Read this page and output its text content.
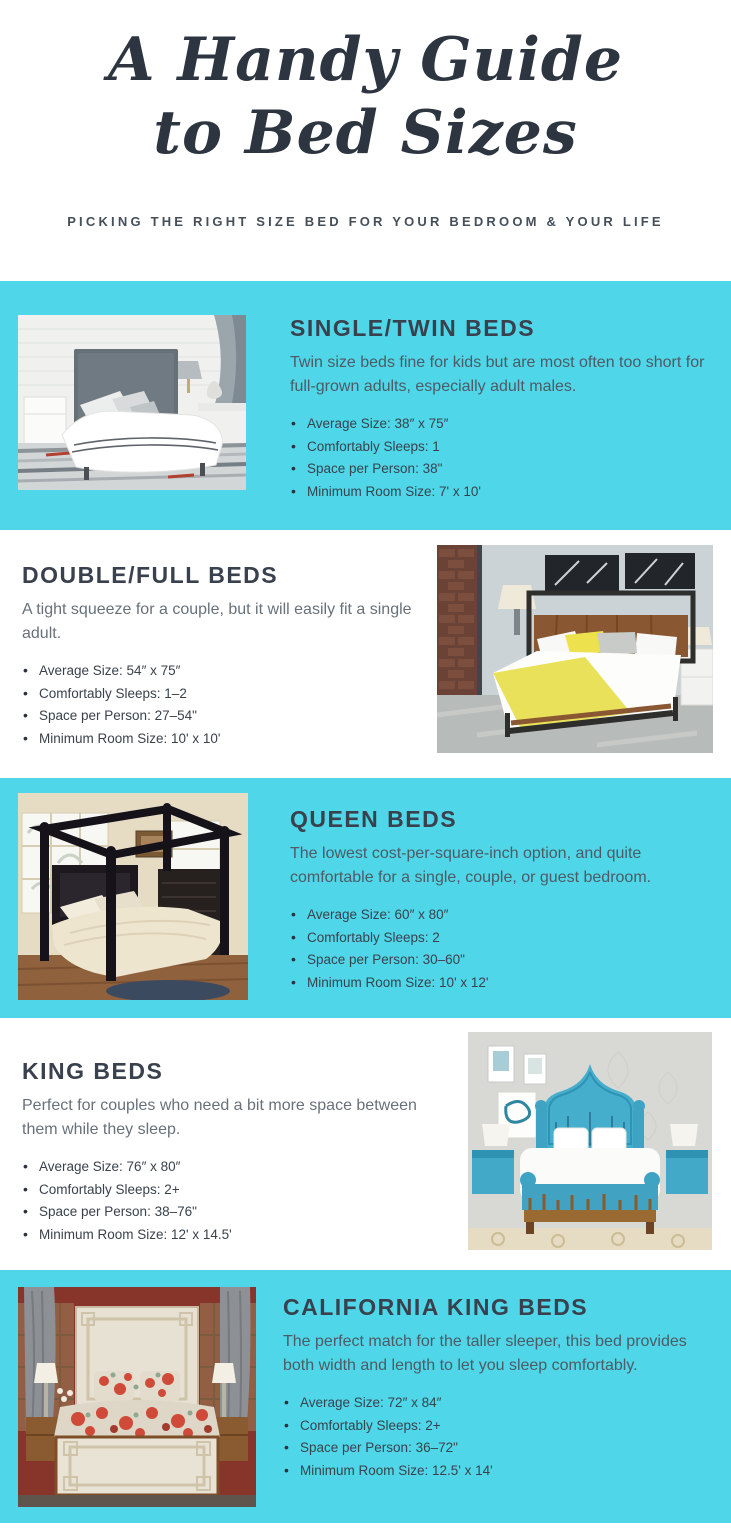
A Handy Guide
to Bed Sizes
PICKING THE RIGHT SIZE BED FOR YOUR BEDROOM & YOUR LIFE
SINGLE/TWIN BEDS

Twin size beds fine for kids but are most often too short for full-grown adults, especially adult males.

• Average Size: 38″ x 75″
• Comfortably Sleeps: 1
• Space per Person: 38"
• Minimum Room Size: 7' x 10'
DOUBLE/FULL BEDS

A tight squeeze for a couple, but it will easily fit a single adult.

• Average Size: 54″ x 75″
• Comfortably Sleeps: 1–2
• Space per Person: 27–54"
• Minimum Room Size: 10' x 10'
QUEEN BEDS

The lowest cost-per-square-inch option, and quite comfortable for a single, couple, or guest bedroom.

• Average Size: 60″ x 80″
• Comfortably Sleeps: 2
• Space per Person: 30–60"
• Minimum Room Size: 10' x 12'
KING BEDS

Perfect for couples who need a bit more space between them while they sleep.

• Average Size: 76″ x 80″
• Comfortably Sleeps: 2+
• Space per Person: 38–76"
• Minimum Room Size: 12' x 14.5'
CALIFORNIA KING BEDS

The perfect match for the taller sleeper, this bed provides both width and length to let you sleep comfortably.

• Average Size: 72″ x 84″
• Comfortably Sleeps: 2+
• Space per Person: 36–72"
• Minimum Room Size: 12.5' x 14'
